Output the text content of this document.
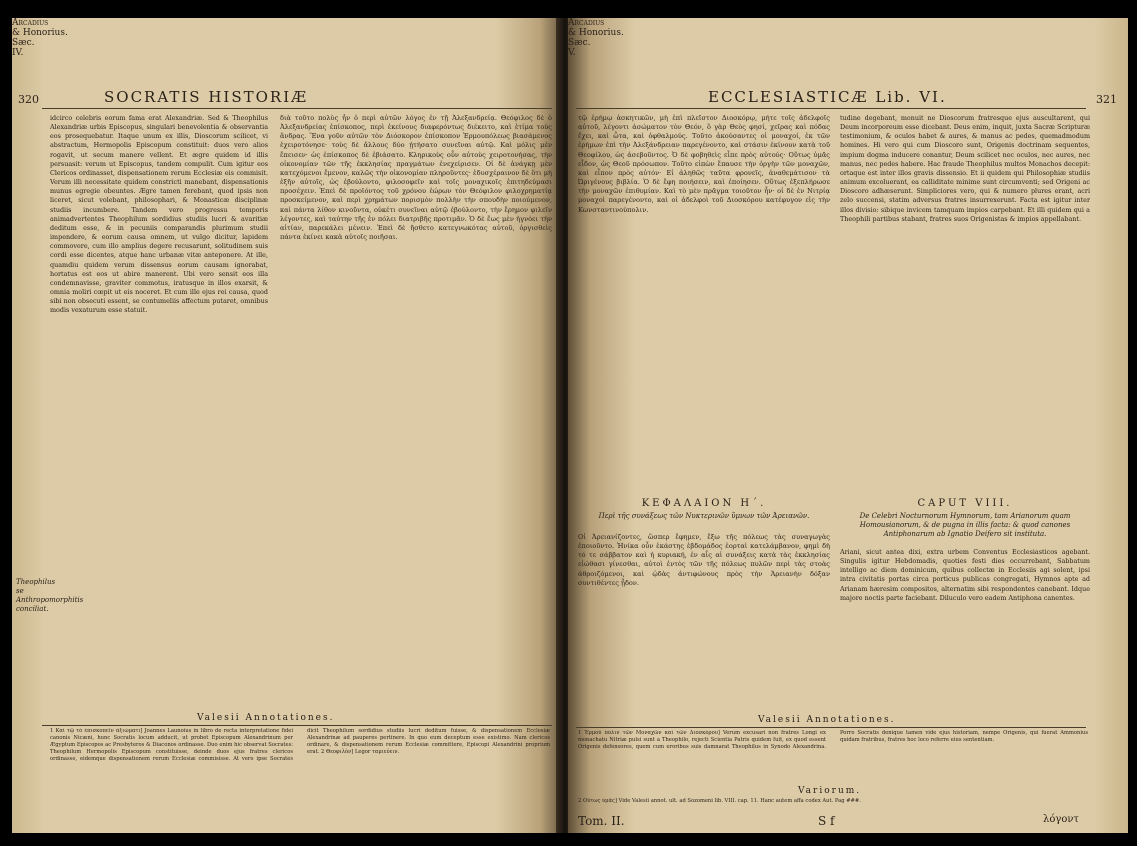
320	SOCRATIS HISTORIÆ
Arcadius
& Honorius.
Sæc.
IV.
Theophilus se Anthropomorphitis conciliat.
idcirco celebris eorum fama erat Alexandriæ. Sed & Theophilus Alexandriæ urbis Episcopus, singulari benevolentia & observantia eos prosequebatur. Itaque unum ex illis, Dioscorum scilicet, vi abstractum, Hermopolis Episcopum constituit: duos vero alios rogavit, ut secum manere vellent. Et ægre quidem id illis persuasit: verum ut Episcopus, tandem compulit. Cum igitur eos Clericos ordinasset, dispensationem rerum Ecclesiæ eis commisit. Verum illi necessitate quidem constricti manebant, dispensationis munus egregie obeuntes. Ægre tamen ferebant, quod ipsis non liceret, sicut volebant, philosophari, & Monasticæ disciplinæ studiis incumbere. Tandem vero progressu temporis animadvertentes Theophilum sordidius studiis lucri & avaritiæ deditum esse, & in pecuniis comparandis plurimum studii impendere, & eorum causa omnem, ut vulgo dicitur, lapidem commovere, cum illo amplius degere recusarunt, solitudinem suis cordi esse dicentes, atque hanc urbanæ vitæ anteponere. At ille, quamdiu quidem verum dissensus eorum causam ignorabat, hortatus est eos ut abire manerent. Ubi vero sensit eos illa condemnavisse, graviter commotus, iratusque in illos exarsit, & omnia moliri cœpit ut eis noceret. Et cum ille ejus rei causa, quod sibi non obsecuti essent, se contumeliis affectum putaret, omnibus modis vexaturum esse statuit.
διὰ τοῦτο πολὺς ἦν ὁ περὶ αὐτῶν λόγος ἐν τῇ Ἀλεξανδρείᾳ. Θεόφιλος δὲ ὁ Ἀλεξανδρείας ἐπίσκοπος, περὶ ἐκείνους διαφερόντως διέκειτο, καὶ ἐτίμα τοὺς ἄνδρας. Ἕνα γοῦν αὐτῶν τὸν Διόσκορον ἐπίσκοπον Ἑρμουπόλεως βιασάμενος ἐχειροτόνησε· τοὺς δὲ ἄλλους δύο ᾐτήσατο συνεῖναι αὐτῷ. Καὶ μόλις μὲν ἔπεισεν· ὡς ἐπίσκοπος δὲ ἐβιάσατο. Κληρικοὺς οὖν αὐτοὺς χειροτονήσας, τὴν οἰκονομίαν τῶν τῆς ἐκκλησίας πραγμάτων ἐνεχείρισεν. Οἱ δὲ ἀνάγκῃ μὲν κατεχόμενοι ἔμενον, καλῶς τὴν οἰκονομίαν πληροῦντες· ἐδυσχέραινον δὲ ὅτι μὴ ἐξῆν αὐτοῖς, ὡς ἐβούλοντο, φιλοσοφεῖν καὶ τοῖς μοναχικοῖς ἐπιτηδεύμασι προσέχειν. Ἐπεὶ δὲ προϊόντος τοῦ χρόνου ἑώρων τὸν Θεόφιλον φιλοχρηματίᾳ προσκείμενον, καὶ περὶ χρημάτων πορισμὸν πολλὴν τὴν σπουδὴν ποιούμενον, καὶ πάντα λίθον κινοῦντα, οὐκέτι συνεῖναι αὐτῷ ἐβούλοντο, τὴν ἔρημον φιλεῖν λέγοντες, καὶ ταύτην τῆς ἐν πόλει διατριβῆς προτιμᾶν. Ὁ δὲ ἕως μὲν ἠγνόει τὴν αἰτίαν, παρεκάλει μένειν. Ἐπεὶ δὲ ἤσθετο κατεγνωκότας αὐτοῦ, ὀργισθεὶς πάντα ἐκίνει κακὰ αὐτοῖς ποιῆσαι.
Valesii Annotationes.
1 Καὶ τῷ τὸ ἐπισκοπεῖν ἀξιώματι] Joannes Launoius in libro de recta interpretatione fidei canonis Nicæni, hunc Socratis locum adducit, ut probet Episcopum Alexandrinum per Ægyptum Episcopos ac Presbyteros & Diaconos ordinasse. Duo enim hic observat Socrates: Theophilum Hermopolis Episcopum constituisse, deinde duos ejus fratres clericos ordinasse, eidemque dispensationem rerum Ecclesiæ commisisse. At vero ipse Socrates dicit Theophilum sordidius studiis lucri deditum fuisse, & dispensationem Ecclesiæ Alexandrinæ ad pauperes pertinere. In quo eum deceptum esse existimo. Nam clericos ordinare, & dispensationem rerum Ecclesiæ committere, Episcopi Alexandrini proprium erat. 2 Θεοφιλὸν] Legor ταμιεύειν.
Arcadius
& Honorius.
ECCLESIASTICÆ Lib. VI.	321
Sæc.
V.
τῷ ἐρήμῳ ἀσκητικῶν, μὴ ἐπὶ πλεῖστον Διοσκόρῳ, μήτε τοῖς ἀδελφοῖς αὐτοῦ, λέγοντι ἀσώματον τὸν Θεόν, ὃ γὰρ Θεὸς φησί, χεῖρας καὶ πόδας ἔχει, καὶ ὦτα, καὶ ὀφθαλμούς. Τοῦτο ἀκούσαντες οἱ μοναχοί, ἐκ τῶν ἐρήμων ἐπὶ τὴν Ἀλεξάνδρειαν παρεγένοντο, καὶ στάσιν ἐκίνουν κατὰ τοῦ Θεοφίλου, ὡς ἀσεβοῦντος. Ὁ δὲ φοβηθεὶς εἶπε πρὸς αὐτούς· Οὕτως ὑμᾶς εἶδον, ὡς Θεοῦ πρόσωπον. Τοῦτο εἰπὼν ἔπαυσε τὴν ὀργὴν τῶν μοναχῶν, καὶ εἶπον πρὸς αὐτόν· Εἰ ἀληθῶς ταῦτα φρονεῖς, ἀναθεμάτισον τὰ Ὠριγένους βιβλία. Ὁ δὲ ἔφη ποιήσειν, καὶ ἐποίησεν. Οὕτως ἐξεπλήρωσε τὴν μοναχῶν ἐπιθυμίαν. Καὶ τὸ μὲν πρᾶγμα τοιοῦτον ἦν· οἱ δὲ ἐν Νιτρίᾳ μοναχοὶ παρεγένοντο, καὶ οἱ ἀδελφοὶ τοῦ Διοσκόρου κατέφυγον εἰς τὴν Κωνσταντινούπολιν.
tudine degebant, monuit ne Dioscorum fratresque ejus auscultarent, qui Deum incorporeum esse dicebant. Deus enim, inquit, juxta Sacræ Scripturæ testimonium, & oculos habet & aures, & manus ac pedes, quemadmodum homines. Hi vero qui cum Dioscoro sunt, Origenis doctrinam sequentes, impium dogma inducere conantur, Deum scilicet nec oculos, nec aures, nec manus, nec pedes habere. Hac fraude Theophilus multos Monachos decepit: ortaque est inter illos gravis dissensio. Et ii quidem qui Philosophiæ studiis animum excoluerant, ea calliditate minime sunt circumventi; sed Origeni ac Dioscoro adhæserunt. Simpliciores vero, qui & numero plures erant, acri zelo succensi, statim adversus fratres insurrexerunt. Facta est igitur inter illos divisio: sibique invicem tamquam impios carpebant. Et illi quidem qui a Theophili partibus stabant, fratres suos Origenistas & impios appellabant.
ΚΕΦΑΛΑΙΟΝ Η΄.
Περὶ τῆς συνάξεως τῶν Νυκτερινῶν ὕμνων τῶν Ἀρειανῶν.
Οἱ Ἀρειανίζοντες, ὥσπερ ἔφημεν, ἔξω τῆς πόλεως τὰς συναγωγὰς ἐποιοῦντο. Ἡνίκα οὖν ἑκάστης ἑβδομάδος ἑορταὶ κατελάμβανον, φημὶ δὴ τό τε σάββατον καὶ ἡ κυριακή, ἐν αἷς αἱ συνάξεις κατὰ τὰς ἐκκλησίας εἰώθασι γίνεσθαι, αὐτοὶ ἐντὸς τῶν τῆς πόλεως πυλῶν περὶ τὰς στοὰς ἀθροιζόμενοι, καὶ ᾠδὰς ἀντιφώνους πρὸς τὴν Ἀρειανὴν δόξαν συντιθέντες ᾖδον.
CAPUT VIII.
De Celebri Nocturnorum Hymnorum, tam Arianorum quam Homousianorum, & de pugna in illis facta: & quod canones Antiphonarum ab Ignatio Deifero sit instituta.
Ariani, sicut antea dixi, extra urbem Conventus Ecclesiasticos agebant. Singulis igitur Hebdomadis, quoties festi dies occurrebant, Sabbatum intelligo ac diem dominicum, quibus collectæ in Ecclesiis agi solent, ipsi intra civitatis portas circa porticus publicas congregati, Hymnos apte ad Arianam hæresim compositos, alternatim sibi respondentes canebant. Idque majore noctis parte faciebant. Diluculo vero eadem Antiphona canentes.
Valesii Annotationes.
1 Ἑρμοῦ πόλιν τῶν Μοναχῶν καὶ τῶν Διοσκόρου] Verum excusari non fratres Longi ex monachatu Nitriæ pulsi sunt a Theophilo, rejecti Scientia Patris quidem fuit, ex quod essent Origenis defensores, quem cum eroribus suis damnarat Theophilus in Synodo Alexandrina. Porro Socratis denique tamen vide ejus historiam, nempe Origenis, qui fuerat Ammonius quidam fratribus, fratres hoc loco referre eius sententiam.
Variorum.
2 Οὕτως ὑμᾶς] Vide Valesii annot. ult. ad Sozomeni lib. VIII. cap. 11. Hanc autem affa codex Aut. Pag ###.
Tom. II.	S f	λόγοντ
